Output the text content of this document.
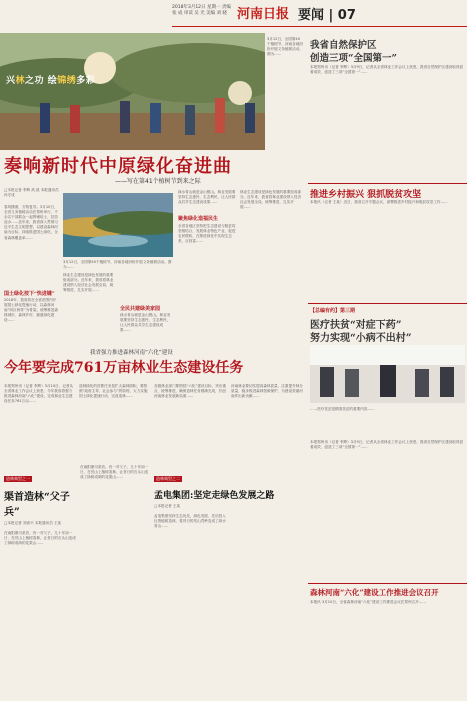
2018年3月12日 星期一 责编 张 成 审读 吴 光 美编 刘 晓 河南日报 要闻 | 07
兴林之功 绘锦绣多彩
3月12日，全国第40个植树节，河南各地纷纷开展义务植树活动。图为……
奏响新时代中原绿化奋进曲
——写在第41个植树节到来之际
□本报记者 李辉 高 凯 本报通讯员 孙守成
春风拂面，万物复苏。3月10日，全省义务植树活动在郑州举行，千余名干部群众一起挥锹培土、扶苗浇水……近年来，我省深入贯彻习近平生态文明思想，以建设森林河南为目标，持续推进国土绿化，全省森林覆盖率……
国土绿化按下“快进键”
2018年，我省将在全省范围内开展国土绿化提速行动，以森林河南“四区两带”为骨架，统筹推进森林城市、森林乡村、廊道绿化建设……
3月12日，全国第40个植树节，河南各地纷纷开展义务植树活动。图为……
林业生态建设是绿色发展的重要组成部分。近年来，我省将林业建设纳入经济社会发展全局，统筹推进，扎实开展……
全民共建绿美家园
绿水青山就是金山银山。林业发展要坚持生态惠民、生态利民，让人民群众共享生态建设成果……
聚焦绿化造福民生
绿水青山就是金山银山。林业发展要坚持生态惠民、生态利民，让人民群众共享生态建设成果……
全省各地区坚持把生态建设与脱贫攻坚相结合，发展林业特色产业，促进农民增收，在推进绿化中实现生态美、百姓富……
林业生态建设是绿色发展的重要组成部分。近年来，我省将林业建设纳入经济社会发展全局，统筹推进，扎实开展……
我省强力推进森林河南“六化”建设
今年要完成761万亩林业生态建设任务
本报郑州讯（记者 李辉）3月10日，记者从全省林业工作会议上获悉，今年我省将强力推进森林河南“六化”建设，完成林业生态建设任务761万亩……
造林绿化的首要任务是扩大森林面积，要按照“政府主导、社会参与”的原则，大力实施国土绿化提速行动，完成造林……
各级林业部门要围绕“六化”建设目标，突出重点、统筹推进，确保造林任务圆满完成，开创河南林业发展新局面……
河南林业要切实提高森林质量，注重提升林分质量，稳步推进森林资源保护，为建设美丽河南作出新贡献……
造林典型之一
渠首造林“父子兵”
□本报记者 刘高兴 本报通讯员 王某
在南阳淅川渠首，有一对父子，几十年如一日，在荒山上植树造林，让昔日的石头山变成了绿树成荫的花果山……
在南阳淅川渠首，有一对父子，几十年如一日，在荒山上植树造林，让昔日的石头山变成了绿树成荫的花果山……	造林典型之二
孟电集团:坚定走绿色发展之路
□本报记者 王某
孟电集团坚持生态优先，绿色发展，先后投入巨资植树造林，将昔日的荒山秃岭变成了绿水青山……
我省自然保护区
创造三项“全国第一”
本报郑州讯（记者 李辉）3月9日，记者从全省林业工作会议上获悉，我省自然保护区建设取得显著成效，创造了三项“全国第一”……
推进乡村振兴 狠抓脱贫攻坚
本报讯（记者 王某）近日，我省召开专题会议，部署推进乡村振兴和脱贫攻坚工作……
【总编有约】第三期
医疗扶贫“对症下药”
努力实现“小病不出村”
……医疗扶贫是精准扶贫的重要内容……
本报郑州讯（记者 李辉）3月9日，记者从全省林业工作会议上获悉，我省自然保护区建设取得显著成效，创造了三项“全国第一”……
森林河南“六化”建设工作推进会议召开
本报讯 3月10日，全省森林河南“六化”建设工作推进会议在郑州召开……
